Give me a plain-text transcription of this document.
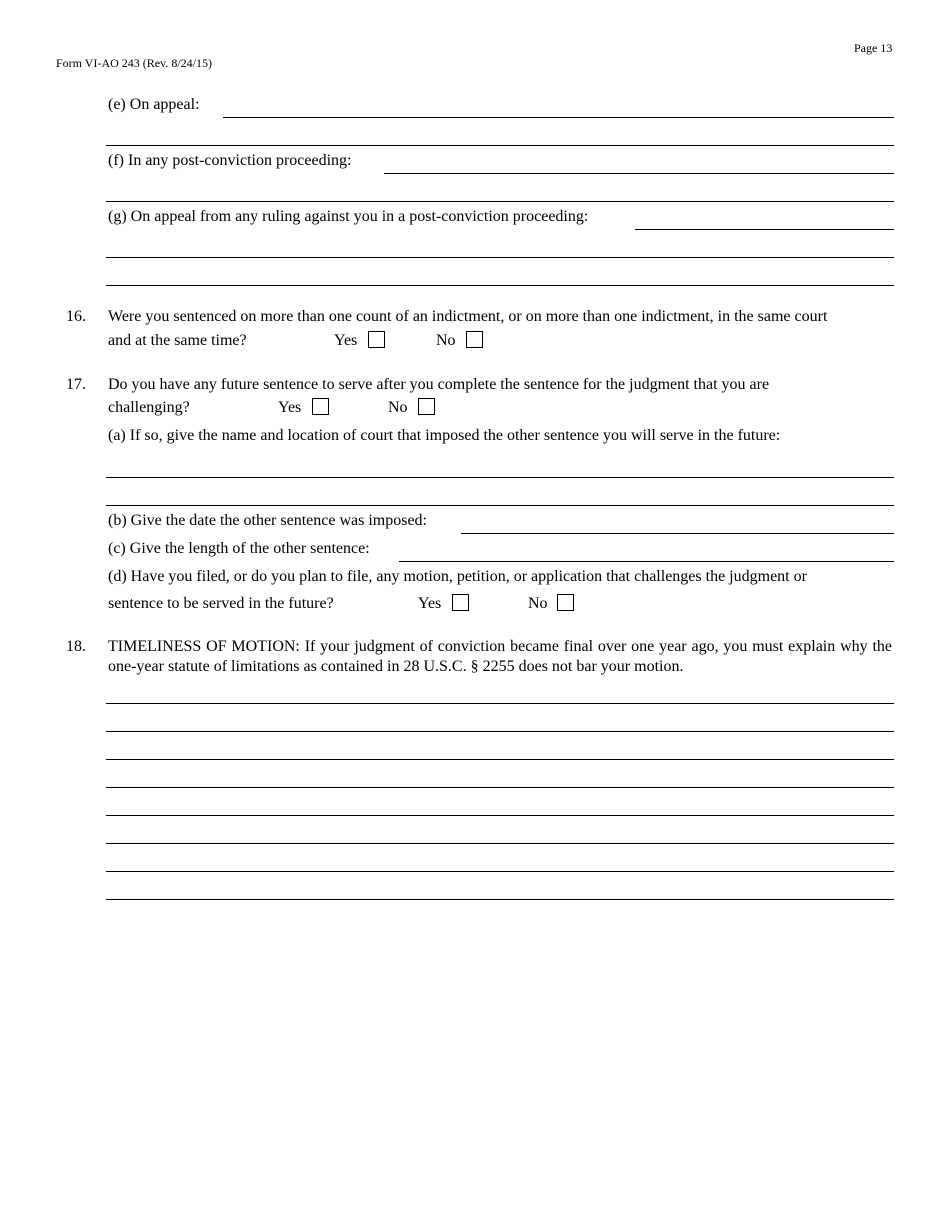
Page 13
Form VI-AO 243 (Rev. 8/24/15)
(e) On appeal:
(f) In any post-conviction proceeding:
(g) On appeal from any ruling against you in a post-conviction proceeding:
16. Were you sentenced on more than one count of an indictment, or on more than one indictment, in the same court
and at the same time?	Yes	No
17. Do you have any future sentence to serve after you complete the sentence for the judgment that you are
challenging?	Yes	No
(a) If so, give the name and location of court that imposed the other sentence you will serve in the future:
(b) Give the date the other sentence was imposed:
(c) Give the length of the other sentence:
(d) Have you filed, or do you plan to file, any motion, petition, or application that challenges the judgment or
sentence to be served in the future?	Yes	No
18. TIMELINESS OF MOTION: If your judgment of conviction became final over one year ago, you must explain why the one-year statute of limitations as contained in 28 U.S.C. § 2255 does not bar your motion.
